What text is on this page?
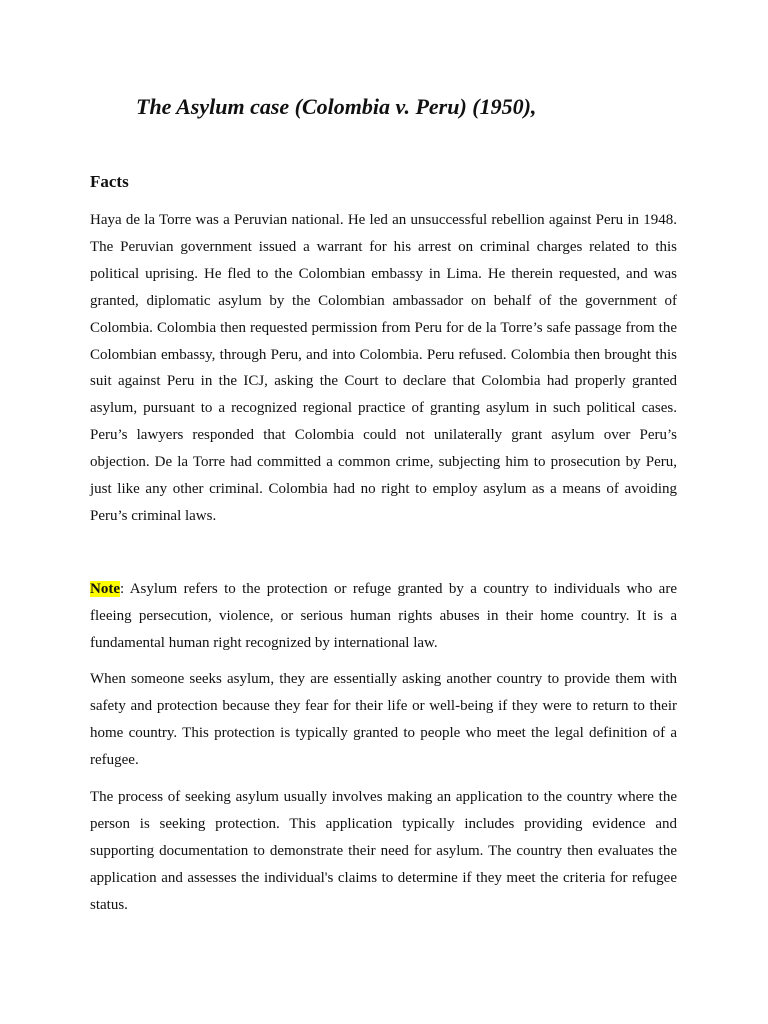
The Asylum case (Colombia v. Peru) (1950),
Facts

Haya de la Torre was a Peruvian national. He led an unsuccessful rebellion against Peru in 1948. The Peruvian government issued a warrant for his arrest on criminal charges related to this political uprising. He fled to the Colombian embassy in Lima. He therein requested, and was granted, diplomatic asylum by the Colombian ambassador on behalf of the government of Colombia. Colombia then requested permission from Peru for de la Torre’s safe passage from the Colombian embassy, through Peru, and into Colombia. Peru refused. Colombia then brought this suit against Peru in the ICJ, asking the Court to declare that Colombia had properly granted asylum, pursuant to a recognized regional practice of granting asylum in such political cases. Peru’s lawyers responded that Colombia could not unilaterally grant asylum over Peru’s objection. De la Torre had committed a common crime, subjecting him to prosecution by Peru, just like any other criminal. Colombia had no right to employ asylum as a means of avoiding Peru’s criminal laws.

Note: Asylum refers to the protection or refuge granted by a country to individuals who are fleeing persecution, violence, or serious human rights abuses in their home country. It is a fundamental human right recognized by international law.

When someone seeks asylum, they are essentially asking another country to provide them with safety and protection because they fear for their life or well-being if they were to return to their home country. This protection is typically granted to people who meet the legal definition of a refugee.

The process of seeking asylum usually involves making an application to the country where the person is seeking protection. This application typically includes providing evidence and supporting documentation to demonstrate their need for asylum. The country then evaluates the application and assesses the individual's claims to determine if they meet the criteria for refugee status.
